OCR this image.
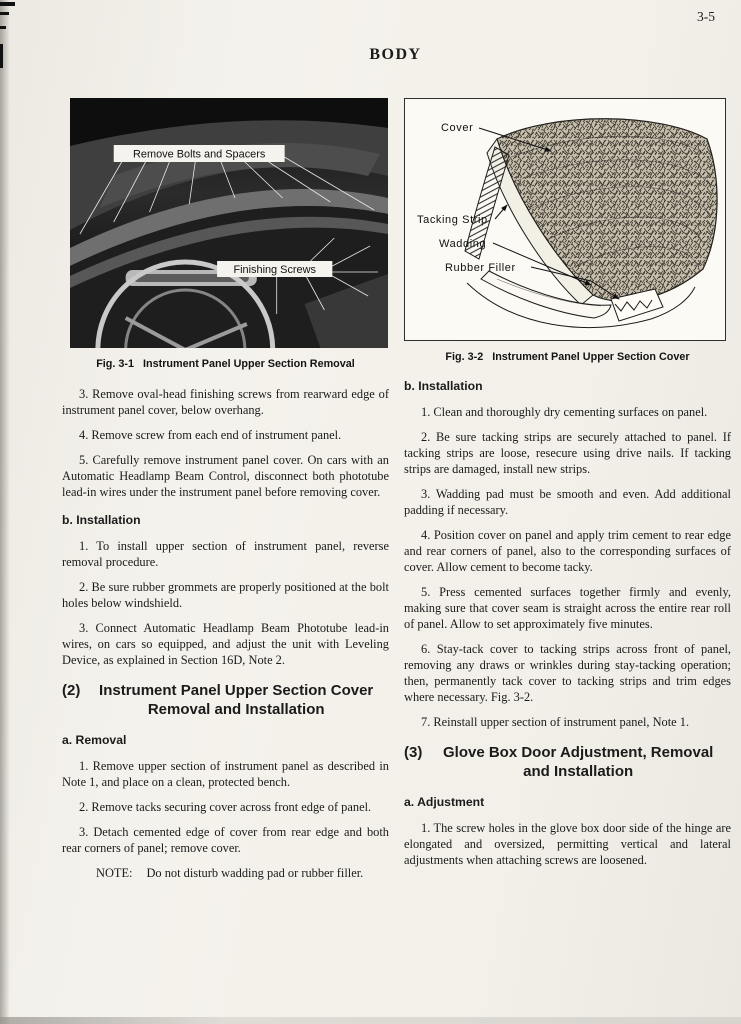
3-5
BODY
Remove Bolts and Spacers
Finishing Screws
Fig. 3-1 Instrument Panel Upper Section Removal

3. Remove oval-head finishing screws from rearward edge of instrument panel cover, below overhang.

4. Remove screw from each end of instrument panel.

5. Carefully remove instrument panel cover. On cars with an Automatic Headlamp Beam Control, disconnect both phototube lead-in wires under the instrument panel before removing cover.

b. Installation

1. To install upper section of instrument panel, reverse removal procedure.

2. Be sure rubber grommets are properly positioned at the bolt holes below windshield.

3. Connect Automatic Headlamp Beam Phototube lead-in wires, on cars so equipped, and adjust the unit with Leveling Device, as explained in Section 16D, Note 2.

(2)	Instrument Panel Upper Section Cover Removal and Installation
a. Removal

1. Remove upper section of instrument panel as described in Note 1, and place on a clean, protected bench.

2. Remove tacks securing cover across front edge of panel.

3. Detach cemented edge of cover from rear edge and both rear corners of panel; remove cover.

NOTE: Do not disturb wadding pad or rubber filler.

Cover
Tacking Strip
Wadding
Rubber Filler
Fig. 3-2 Instrument Panel Upper Section Cover
b. Installation

1. Clean and thoroughly dry cementing surfaces on panel.

2. Be sure tacking strips are securely attached to panel. If tacking strips are loose, resecure using drive nails. If tacking strips are damaged, install new strips.

3. Wadding pad must be smooth and even. Add additional padding if necessary.

4. Position cover on panel and apply trim cement to rear edge and rear corners of panel, also to the corresponding surfaces of cover. Allow cement to become tacky.

5. Press cemented surfaces together firmly and evenly, making sure that cover seam is straight across the entire rear roll of panel. Allow to set approximately five minutes.

6. Stay-tack cover to tacking strips across front of panel, removing any draws or wrinkles during stay-tacking operation; then, permanently tack cover to tacking strips and trim edges where necessary. Fig. 3-2.

7. Reinstall upper section of instrument panel, Note 1.

(3)	Glove Box Door Adjustment, Removal and Installation
a. Adjustment

1. The screw holes in the glove box door side of the hinge are elongated and oversized, permitting vertical and lateral adjustments when attaching screws are loosened.
